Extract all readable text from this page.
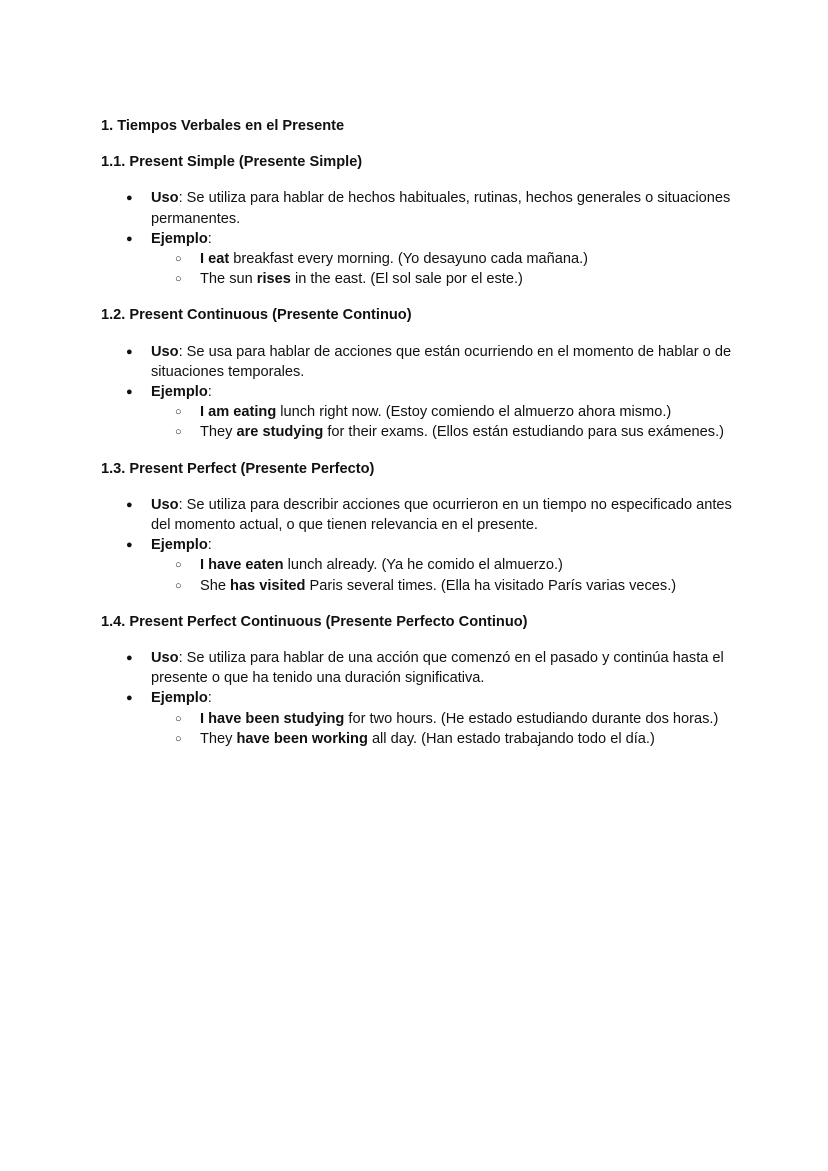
1. Tiempos Verbales en el Presente

1.1. Present Simple (Presente Simple)

● Uso: Se utiliza para hablar de hechos habituales, rutinas, hechos generales o situaciones permanentes.
● Ejemplo:
○ I eat breakfast every morning. (Yo desayuno cada mañana.)
○ The sun rises in the east. (El sol sale por el este.)

1.2. Present Continuous (Presente Continuo)

● Uso: Se usa para hablar de acciones que están ocurriendo en el momento de hablar o de situaciones temporales.
● Ejemplo:
○ I am eating lunch right now. (Estoy comiendo el almuerzo ahora mismo.)
○ They are studying for their exams. (Ellos están estudiando para sus exámenes.)

1.3. Present Perfect (Presente Perfecto)

● Uso: Se utiliza para describir acciones que ocurrieron en un tiempo no especificado antes del momento actual, o que tienen relevancia en el presente.
● Ejemplo:
○ I have eaten lunch already. (Ya he comido el almuerzo.)
○ She has visited Paris several times. (Ella ha visitado París varias veces.)

1.4. Present Perfect Continuous (Presente Perfecto Continuo)

● Uso: Se utiliza para hablar de una acción que comenzó en el pasado y continúa hasta el presente o que ha tenido una duración significativa.
● Ejemplo:
○ I have been studying for two hours. (He estado estudiando durante dos horas.)
○ They have been working all day. (Han estado trabajando todo el día.)
